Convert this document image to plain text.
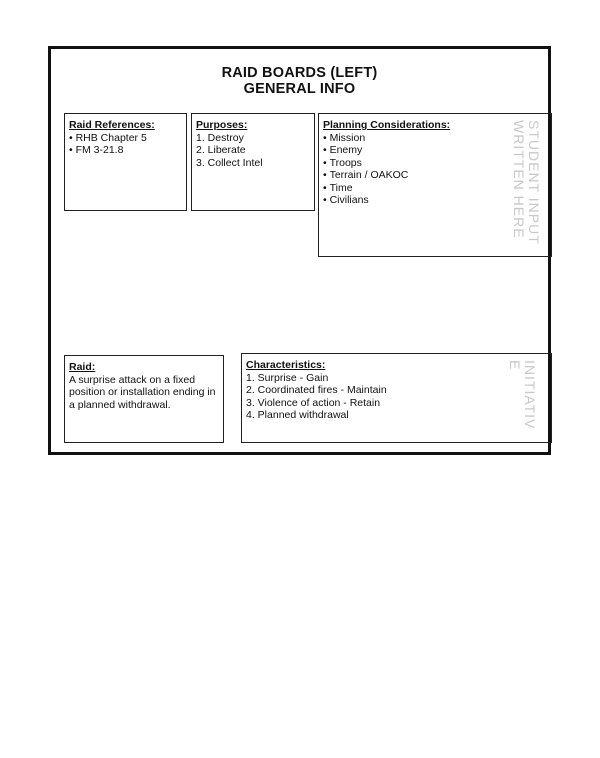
RAID BOARDS (LEFT)
GENERAL INFO
Raid References:
• RHB Chapter 5
• FM 3-21.8
Purposes:
1. Destroy
2. Liberate
3. Collect Intel
Planning Considerations:
• Mission
• Enemy
• Troops
• Terrain / OAKOC
• Time
• Civilians
STUDENT INPUT
WRITTEN HERE
Raid:
A surprise attack on a fixed position or installation ending in a planned withdrawal.
Characteristics:
1. Surprise - Gain
2. Coordinated fires - Maintain
3. Violence of action - Retain
4. Planned withdrawal	INITIATIV
E
